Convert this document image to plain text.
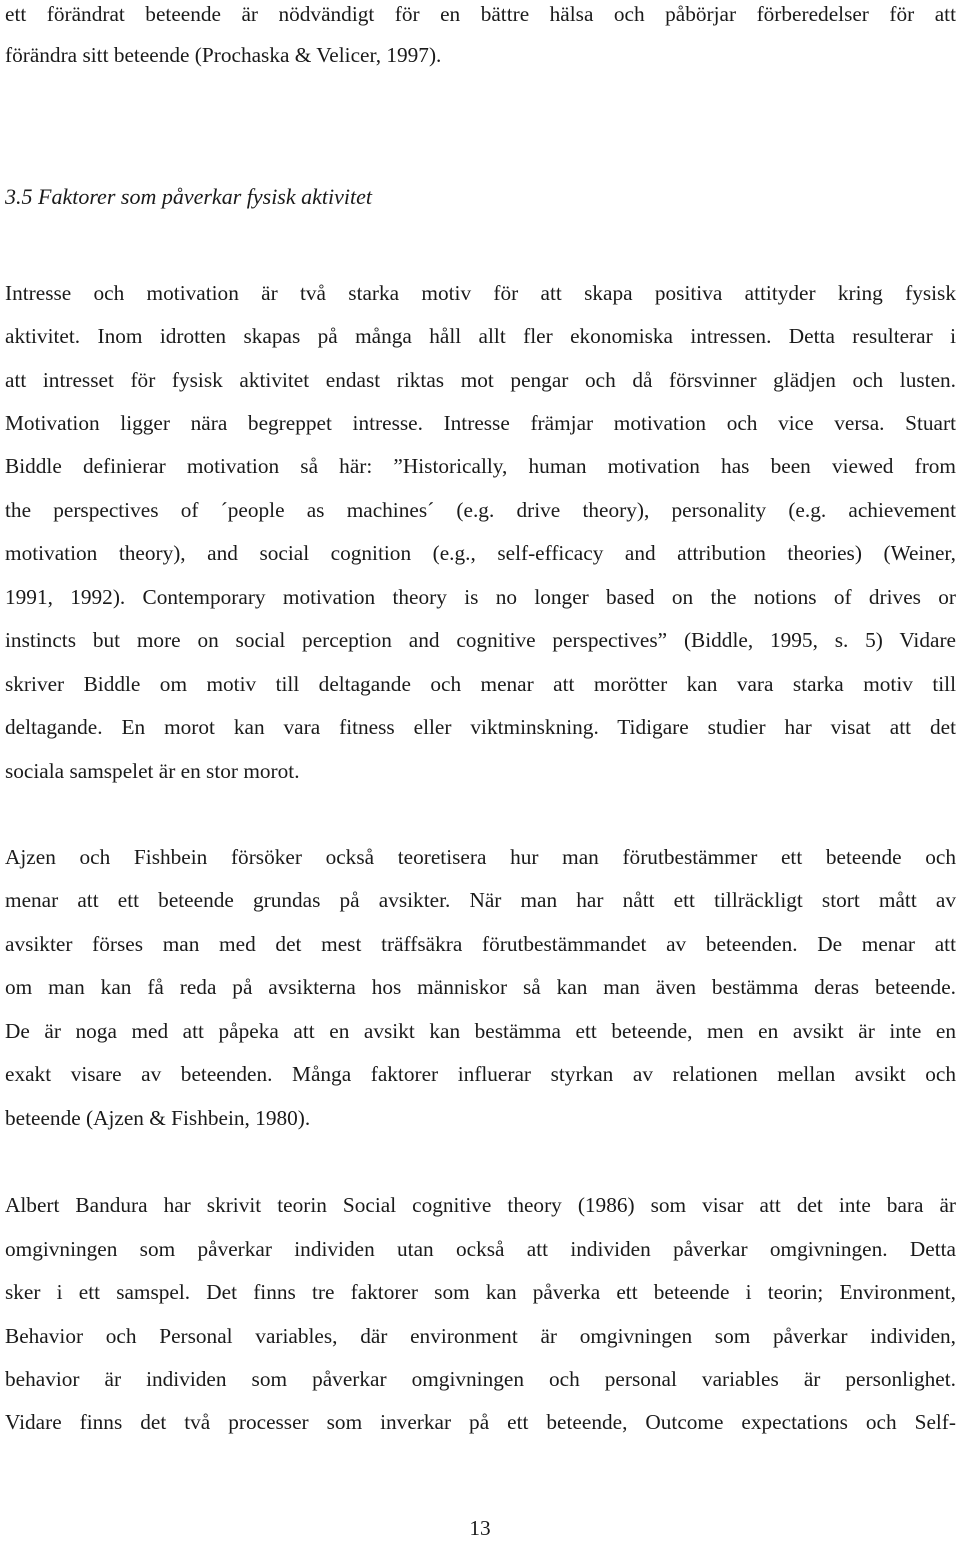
ett förändrat beteende är nödvändigt för en bättre hälsa och påbörjar förberedelser för att
förändra sitt beteende (Prochaska & Velicer, 1997).
3.5 Faktorer som påverkar fysisk aktivitet
Intresse och motivation är två starka motiv för att skapa positiva attityder kring fysisk
aktivitet. Inom idrotten skapas på många håll allt fler ekonomiska intressen. Detta resulterar i
att intresset för fysisk aktivitet endast riktas mot pengar och då försvinner glädjen och lusten.
Motivation ligger nära begreppet intresse. Intresse främjar motivation och vice versa. Stuart
Biddle definierar motivation så här: ”Historically, human motivation has been viewed from
the perspectives of ´people as machines´ (e.g. drive theory), personality (e.g. achievement
motivation theory), and social cognition (e.g., self-efficacy and attribution theories) (Weiner,
1991, 1992). Contemporary motivation theory is no longer based on the notions of drives or
instincts but more on social perception and cognitive perspectives” (Biddle, 1995, s. 5) Vidare
skriver Biddle om motiv till deltagande och menar att morötter kan vara starka motiv till
deltagande. En morot kan vara fitness eller viktminskning. Tidigare studier har visat att det
sociala samspelet är en stor morot.
Ajzen och Fishbein försöker också teoretisera hur man förutbestämmer ett beteende och
menar att ett beteende grundas på avsikter. När man har nått ett tillräckligt stort mått av
avsikter förses man med det mest träffsäkra förutbestämmandet av beteenden. De menar att
om man kan få reda på avsikterna hos människor så kan man även bestämma deras beteende.
De är noga med att påpeka att en avsikt kan bestämma ett beteende, men en avsikt är inte en
exakt visare av beteenden. Många faktorer influerar styrkan av relationen mellan avsikt och
beteende (Ajzen & Fishbein, 1980).
Albert Bandura har skrivit teorin Social cognitive theory (1986) som visar att det inte bara är
omgivningen som påverkar individen utan också att individen påverkar omgivningen. Detta
sker i ett samspel. Det finns tre faktorer som kan påverka ett beteende i teorin; Environment,
Behavior och Personal variables, där environment är omgivningen som påverkar individen,
behavior är individen som påverkar omgivningen och personal variables är personlighet.
Vidare finns det två processer som inverkar på ett beteende, Outcome expectations och Self-
13
